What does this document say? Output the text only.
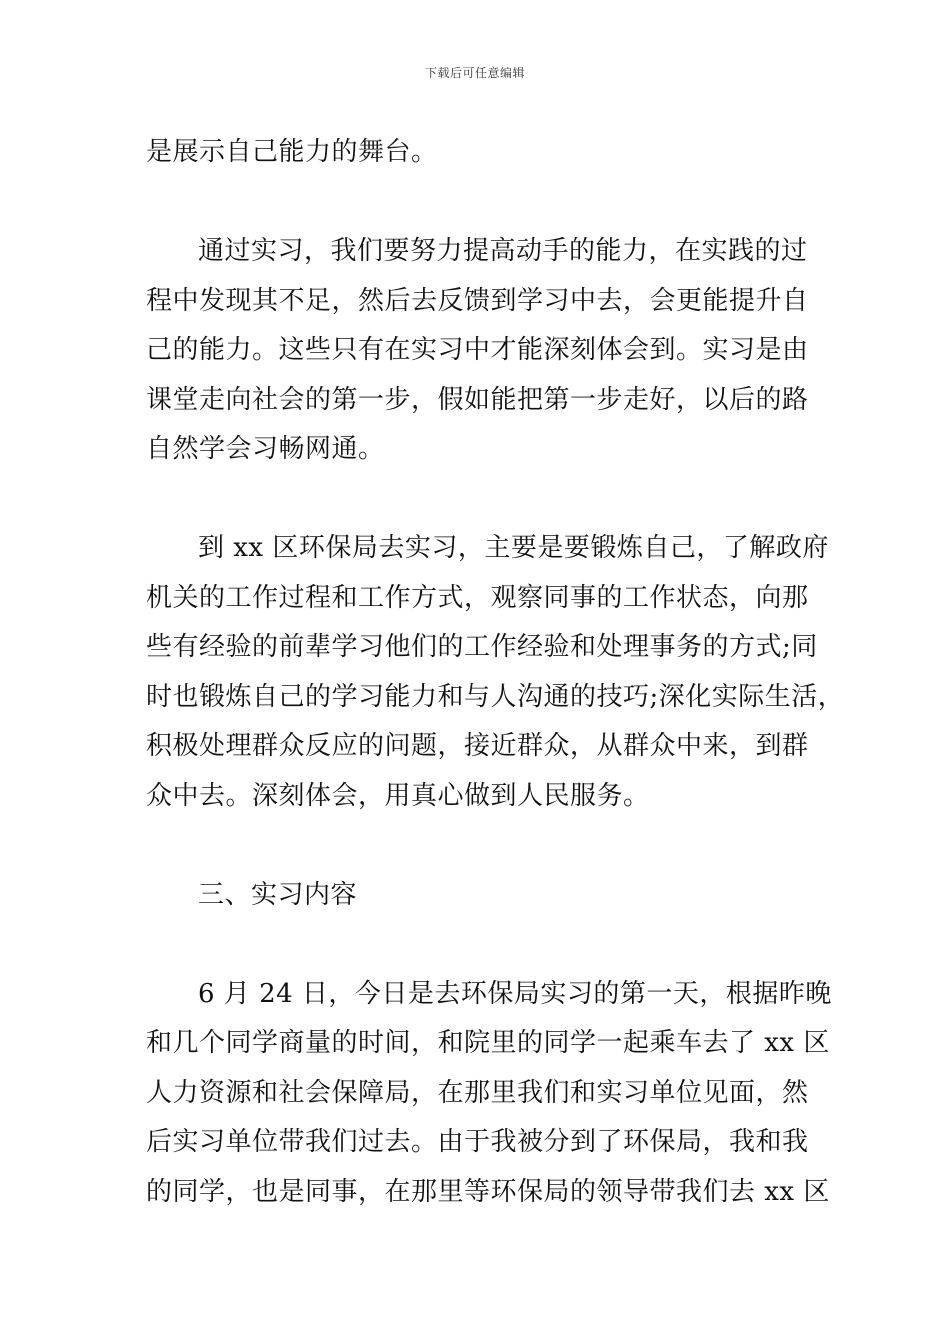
下载后可任意编辑
是展示自己能力的舞台。
通过实习，我们要努力提高动手的能力，在实践的过
程中发现其不足，然后去反馈到学习中去，会更能提升自
己的能力。这些只有在实习中才能深刻体会到。实习是由
课堂走向社会的第一步，假如能把第一步走好，以后的路
自然学会习畅网通。
到 xx 区环保局去实习，主要是要锻炼自己，了解政府
机关的工作过程和工作方式，观察同事的工作状态，向那
些有经验的前辈学习他们的工作经验和处理事务的方式;同
时也锻炼自己的学习能力和与人沟通的技巧;深化实际生活，
积极处理群众反应的问题，接近群众，从群众中来，到群
众中去。深刻体会，用真心做到人民服务。
三、实习内容
6 月 24 日，今日是去环保局实习的第一天，根据昨晚
和几个同学商量的时间，和院里的同学一起乘车去了 xx 区
人力资源和社会保障局，在那里我们和实习单位见面，然
后实习单位带我们过去。由于我被分到了环保局，我和我
的同学，也是同事，在那里等环保局的领导带我们去 xx 区
